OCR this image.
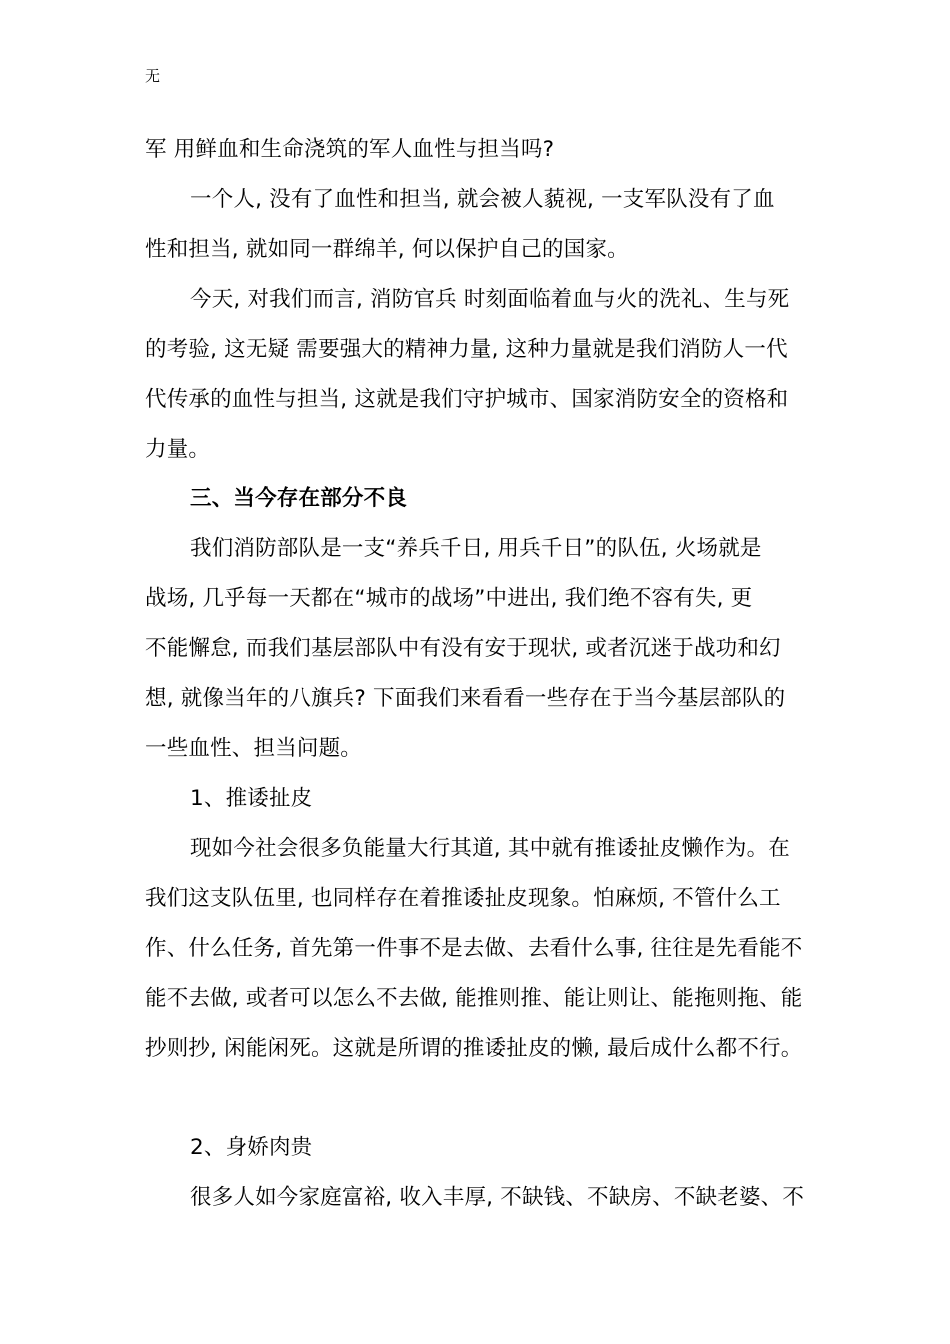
无
军 用鲜血和生命浇筑的军人血性与担当吗?
一个人, 没有了血性和担当, 就会被人藐视, 一支军队没有了血
性和担当, 就如同一群绵羊, 何以保护自己的国家。
今天, 对我们而言, 消防官兵 时刻面临着血与火的洗礼、生与死
的考验, 这无疑 需要强大的精神力量, 这种力量就是我们消防人一代
代传承的血性与担当, 这就是我们守护城市、国家消防安全的资格和
力量。
三、当今存在部分不良
我们消防部队是一支“养兵千日, 用兵千日”的队伍, 火场就是
战场, 几乎每一天都在“城市的战场”中进出, 我们绝不容有失, 更
不能懈怠, 而我们基层部队中有没有安于现状, 或者沉迷于战功和幻
想, 就像当年的八旗兵? 下面我们来看看一些存在于当今基层部队的
一些血性、担当问题。
1、推诿扯皮
现如今社会很多负能量大行其道, 其中就有推诿扯皮懒作为。在
我们这支队伍里, 也同样存在着推诿扯皮现象。怕麻烦, 不管什么工
作、什么任务, 首先第一件事不是去做、去看什么事, 往往是先看能不
能不去做, 或者可以怎么不去做, 能推则推、能让则让、能拖则拖、能
抄则抄, 闲能闲死。这就是所谓的推诿扯皮的懒, 最后成什么都不行。
2、身娇肉贵
很多人如今家庭富裕, 收入丰厚, 不缺钱、不缺房、不缺老婆、不
